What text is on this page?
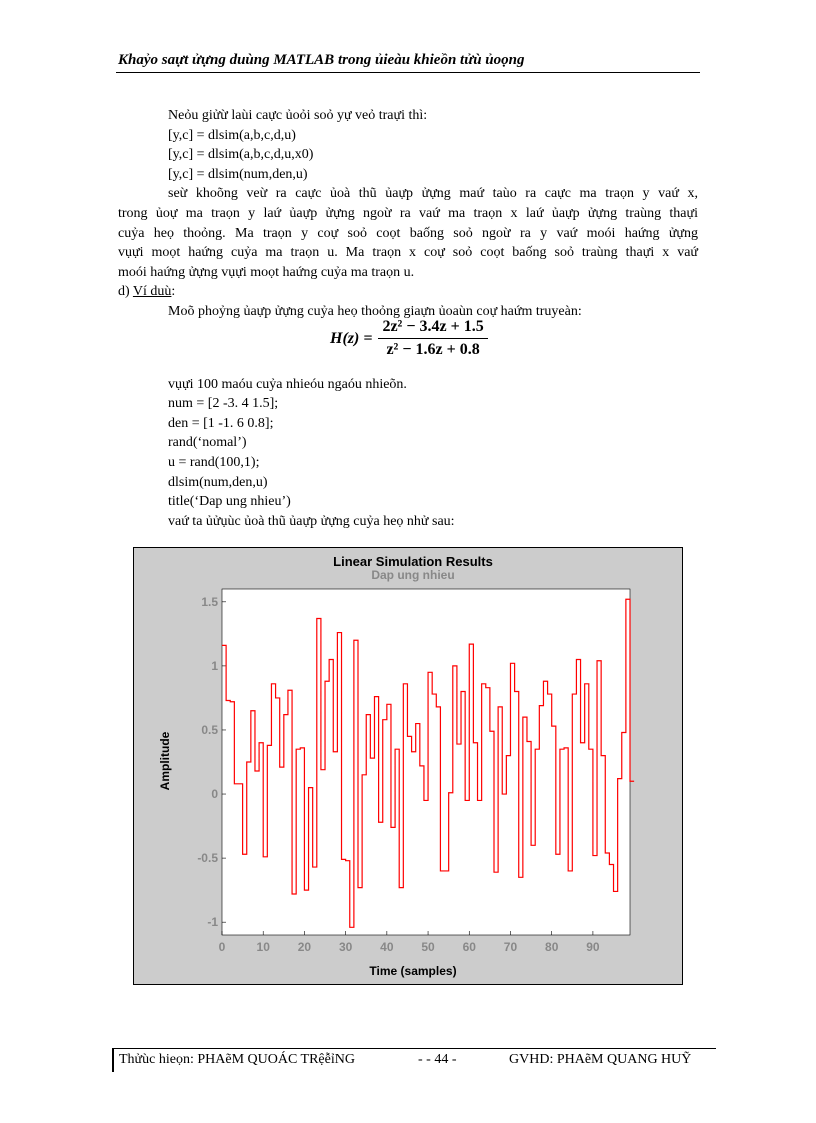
Khaỷo saựt ửựng duùng MATLAB trong ủieàu khieồn tửù ủoọng

Neỏu giửừ laùi caực ủoỏi soỏ yự veỏ traựi thì:

[y,c] = dlsim(a,b,c,d,u)

[y,c] = dlsim(a,b,c,d,u,x0)

[y,c] = dlsim(num,den,u)

seừ khoõng veừ ra caực ủoà thũ ủaựp ửựng maứ taùo ra caực ma traọn y vaứ x,

trong ủoự ma traọn y laứ ủaựp ửựng ngoừ ra vaứ ma traọn x laứ ủaựp ửựng traùng thaựi

cuỷa heọ thoỏng. Ma traọn y coự soỏ coọt baống soỏ ngoừ ra y vaứ moói haứng ửựng

vụựi moọt haứng cuỷa ma traọn u. Ma traọn x coự soỏ coọt baống soỏ traùng thaựi x vaứ

moói haứng ửựng vụựi moọt haứng cuỷa ma traọn u.

d) Ví duù:

Moõ phoỷng ủaựp ửựng cuỷa heọ thoỏng giaựn ủoaùn coự haứm truyeàn:

vụựi 100 maóu cuỷa nhieóu ngaóu nhieõn.

num = [2 -3. 4 1.5];

den = [1 -1. 6 0.8];

rand(‘nomal’)

u = rand(100,1);

dlsim(num,den,u)

title(‘Dap ung nhieu’)

vaứ ta ủửụùc ủoà thũ ủaựp ửựng cuỷa heọ nhử sau:

$H(z) = \frac{\text{2z² − 3.4z + 1.5}}{\text{z² − 1.6z + 0.8}}$
Linear Simulation Results
Dap ung nhieu
0	10 20 30 40 50 60 70 80 90
1.5
1
0.5
0
-0.5
-1
Time (samples)
Amplitude
Thửùc hieọn: PHAẽM QUOÁC TRệễỉNG	- - 44 -	GVHD: PHAẽM QUANG HUỸ
